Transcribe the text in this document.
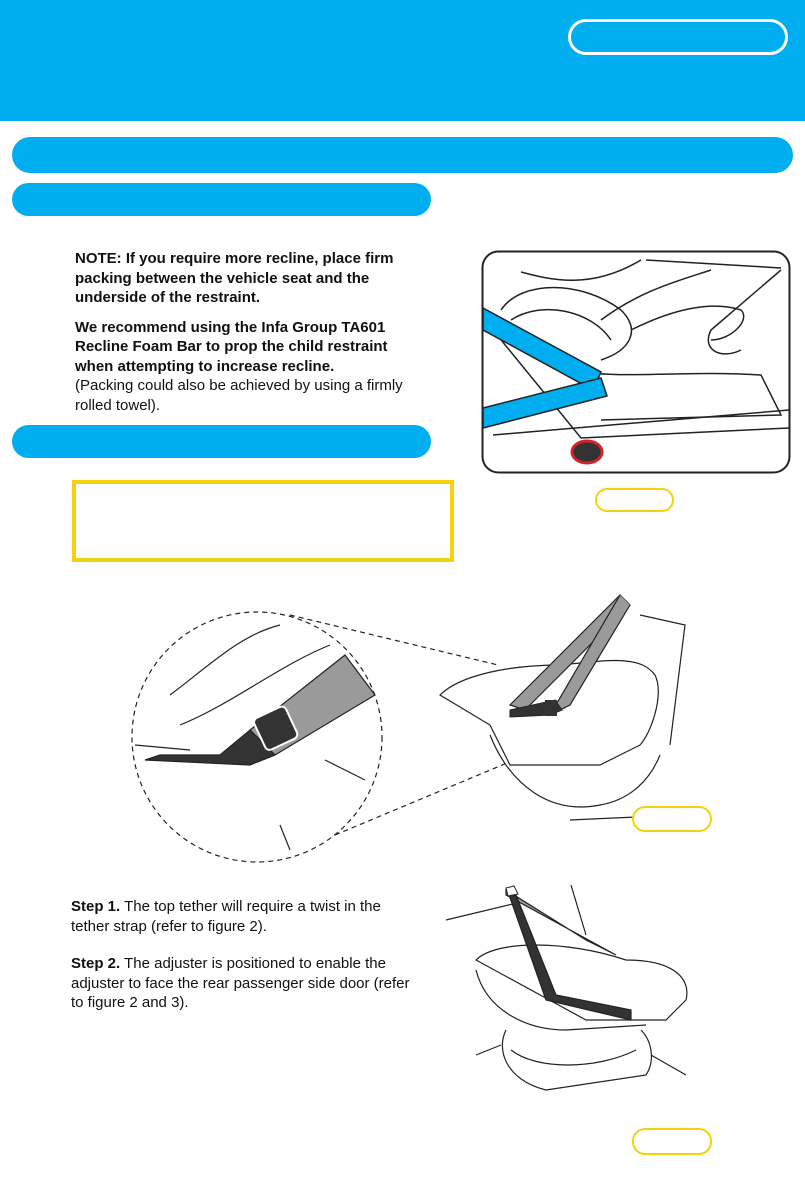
NOTE: If you require more recline, place firm packing between the vehicle seat and the underside of the restraint.

We recommend using the Infa Group TA601 Recline Foam Bar to prop the child restraint when attempting to increase recline.
(Packing could also be achieved by using a firmly rolled towel).

Step 1. The top tether will require a twist in the tether strap (refer to figure 2).

Step 2. The adjuster is positioned to enable the adjuster to face the rear passenger side door (refer to figure 2 and 3).
